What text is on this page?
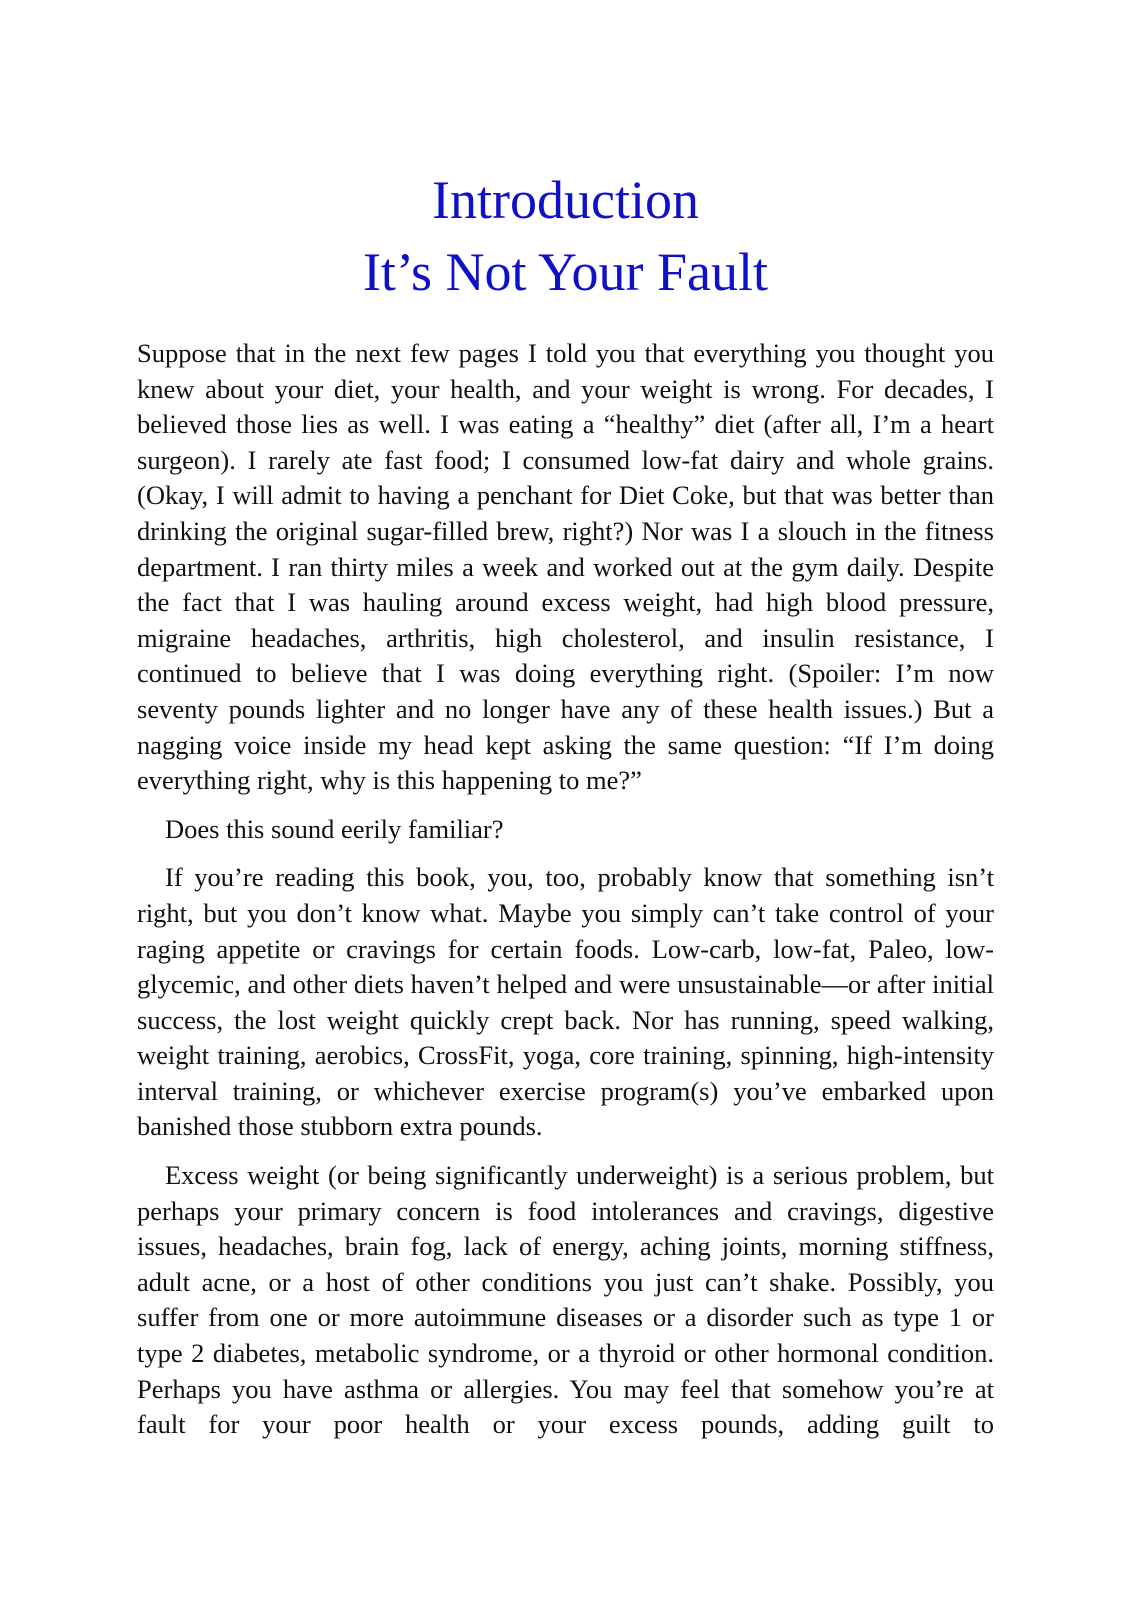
Introduction
It’s Not Your Fault

Suppose that in the next few pages I told you that everything you thought you knew about your diet, your health, and your weight is wrong. For decades, I believed those lies as well. I was eating a “healthy” diet (after all, I’m a heart surgeon). I rarely ate fast food; I consumed low-fat dairy and whole grains. (Okay, I will admit to having a penchant for Diet Coke, but that was better than drinking the original sugar-filled brew, right?) Nor was I a slouch in the fitness department. I ran thirty miles a week and worked out at the gym daily. Despite the fact that I was hauling around excess weight, had high blood pressure, migraine headaches, arthritis, high cholesterol, and insulin resistance, I continued to believe that I was doing everything right. (Spoiler: I’m now seventy pounds lighter and no longer have any of these health issues.) But a nagging voice inside my head kept asking the same question: “If I’m doing everything right, why is this happening to me?”

Does this sound eerily familiar?

If you’re reading this book, you, too, probably know that something isn’t right, but you don’t know what. Maybe you simply can’t take control of your raging appetite or cravings for certain foods. Low-carb, low-fat, Paleo, low-glycemic, and other diets haven’t helped and were unsustainable—or after initial success, the lost weight quickly crept back. Nor has running, speed walking, weight training, aerobics, CrossFit, yoga, core training, spinning, high-intensity interval training, or whichever exercise program(s) you’ve embarked upon banished those stubborn extra pounds.

Excess weight (or being significantly underweight) is a serious problem, but perhaps your primary concern is food intolerances and cravings, digestive issues, headaches, brain fog, lack of energy, aching joints, morning stiffness, adult acne, or a host of other conditions you just can’t shake. Possibly, you suffer from one or more autoimmune diseases or a disorder such as type 1 or type 2 diabetes, metabolic syndrome, or a thyroid or other hormonal condition. Perhaps you have asthma or allergies. You may feel that somehow you’re at fault for your poor health or your excess pounds, adding guilt to
